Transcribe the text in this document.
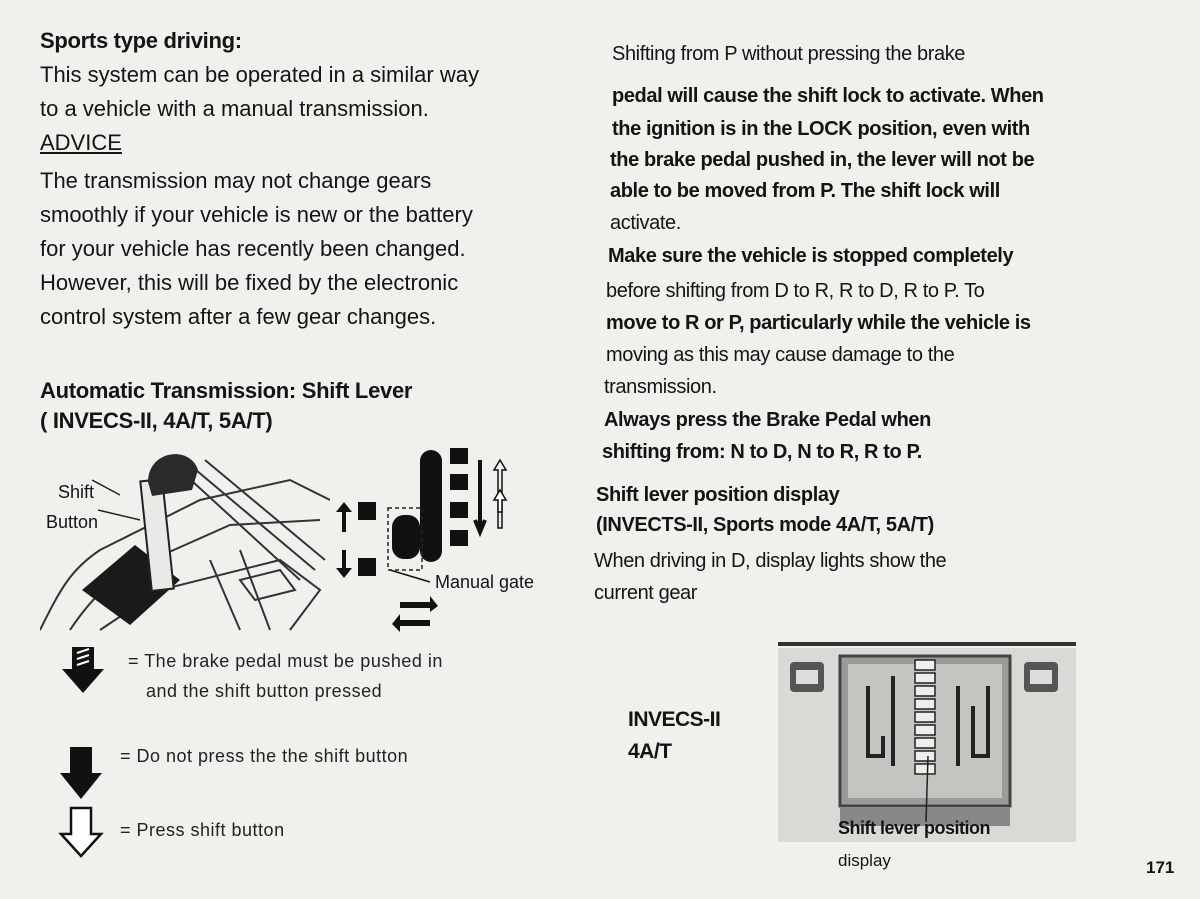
Sports type driving:
This system can be operated in a similar way
to a vehicle with a manual transmission.
ADVICE
The transmission may not change gears
smoothly if your vehicle is new or the battery
for your vehicle has recently been changed.
However, this will be fixed by the electronic
control system after a few gear changes.
Automatic Transmission: Shift Lever
( INVECS-II, 4A/T, 5A/T)
Shift
Button
Manual gate
= The brake pedal must be pushed in
and the shift button pressed
= Do not press the the shift button
= Press shift button
Shifting from P without pressing the brake
pedal will cause the shift lock to activate. When
the ignition is in the LOCK position, even with
the brake pedal pushed in, the lever will not be
able to be moved from P. The shift lock will
activate.
Make sure the vehicle is stopped completely
before shifting from D to R, R to D, R to P. To
move to R or P, particularly while the vehicle is
moving as this may cause damage to the
transmission.
Always press the Brake Pedal when
shifting from: N to D, N to R, R to P.
Shift lever position display
(INVECTS-II, Sports mode 4A/T, 5A/T)
When driving in D, display lights show the
current gear
INVECS-II
4A/T
Shift lever position
display	171
